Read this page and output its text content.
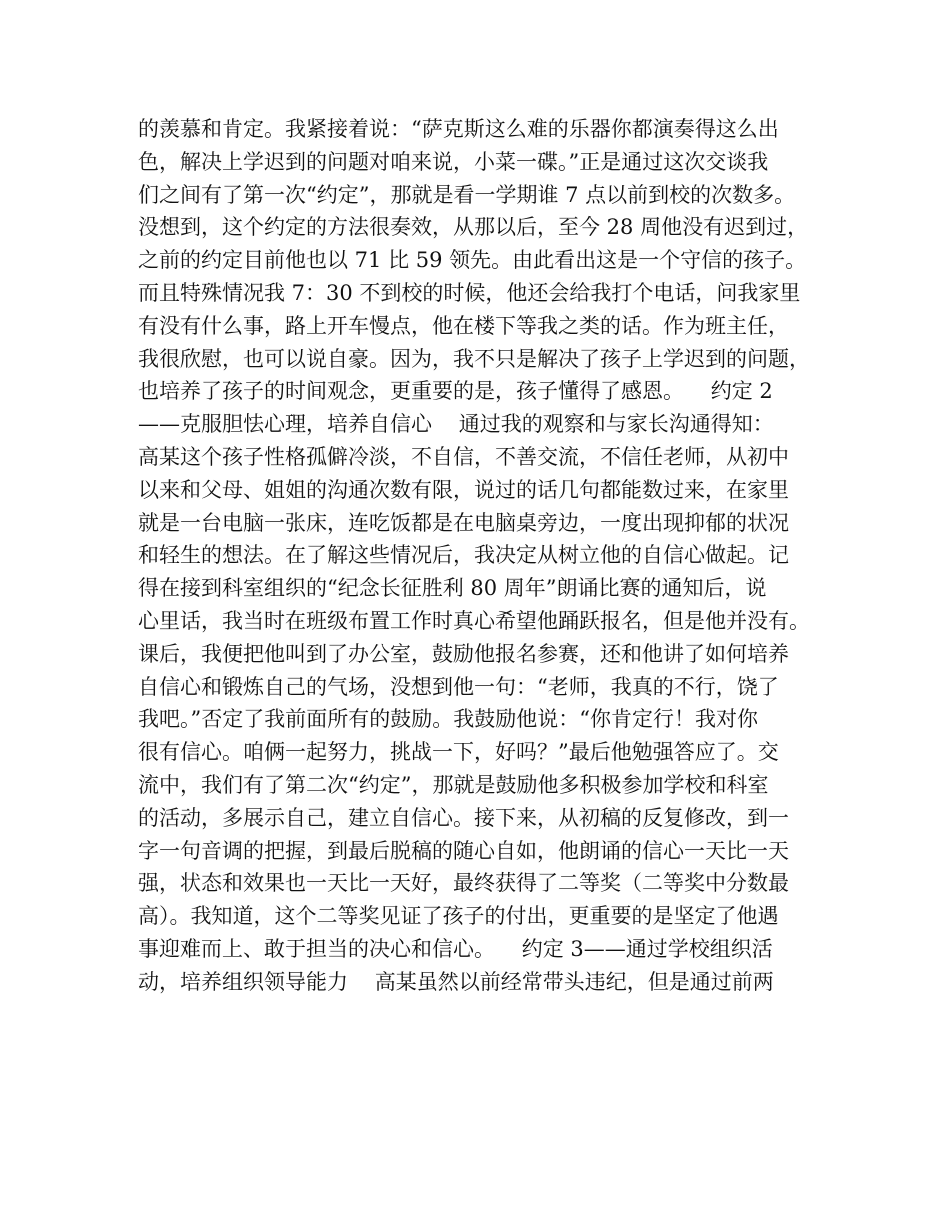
的羡慕和肯定。我紧接着说：“萨克斯这么难的乐器你都演奏得这么出
色，解决上学迟到的问题对咱来说，小菜一碟。”正是通过这次交谈我
们之间有了第一次“约定”，那就是看一学期谁 7 点以前到校的次数多。
没想到，这个约定的方法很奏效，从那以后，至今 28 周他没有迟到过，
之前的约定目前他也以 71 比 59 领先。由此看出这是一个守信的孩子。
而且特殊情况我 7：30 不到校的时候，他还会给我打个电话，问我家里
有没有什么事，路上开车慢点，他在楼下等我之类的话。作为班主任，
我很欣慰，也可以说自豪。因为，我不只是解决了孩子上学迟到的问题，
也培养了孩子的时间观念，更重要的是，孩子懂得了感恩。    约定 2
——克服胆怯心理，培养自信心    通过我的观察和与家长沟通得知：
高某这个孩子性格孤僻冷淡，不自信，不善交流，不信任老师，从初中
以来和父母、姐姐的沟通次数有限，说过的话几句都能数过来，在家里
就是一台电脑一张床，连吃饭都是在电脑桌旁边，一度出现抑郁的状况
和轻生的想法。在了解这些情况后，我决定从树立他的自信心做起。记
得在接到科室组织的“纪念长征胜利 80 周年”朗诵比赛的通知后，说
心里话，我当时在班级布置工作时真心希望他踊跃报名，但是他并没有。
课后，我便把他叫到了办公室，鼓励他报名参赛，还和他讲了如何培养
自信心和锻炼自己的气场，没想到他一句：“老师，我真的不行，饶了
我吧。”否定了我前面所有的鼓励。我鼓励他说：“你肯定行！我对你
很有信心。咱俩一起努力，挑战一下，好吗？”最后他勉强答应了。交
流中，我们有了第二次“约定”，那就是鼓励他多积极参加学校和科室
的活动，多展示自己，建立自信心。接下来，从初稿的反复修改，到一
字一句音调的把握，到最后脱稿的随心自如，他朗诵的信心一天比一天
强，状态和效果也一天比一天好，最终获得了二等奖（二等奖中分数最
高）。我知道，这个二等奖见证了孩子的付出，更重要的是坚定了他遇
事迎难而上、敢于担当的决心和信心。    约定 3——通过学校组织活
动，培养组织领导能力    高某虽然以前经常带头违纪，但是通过前两
